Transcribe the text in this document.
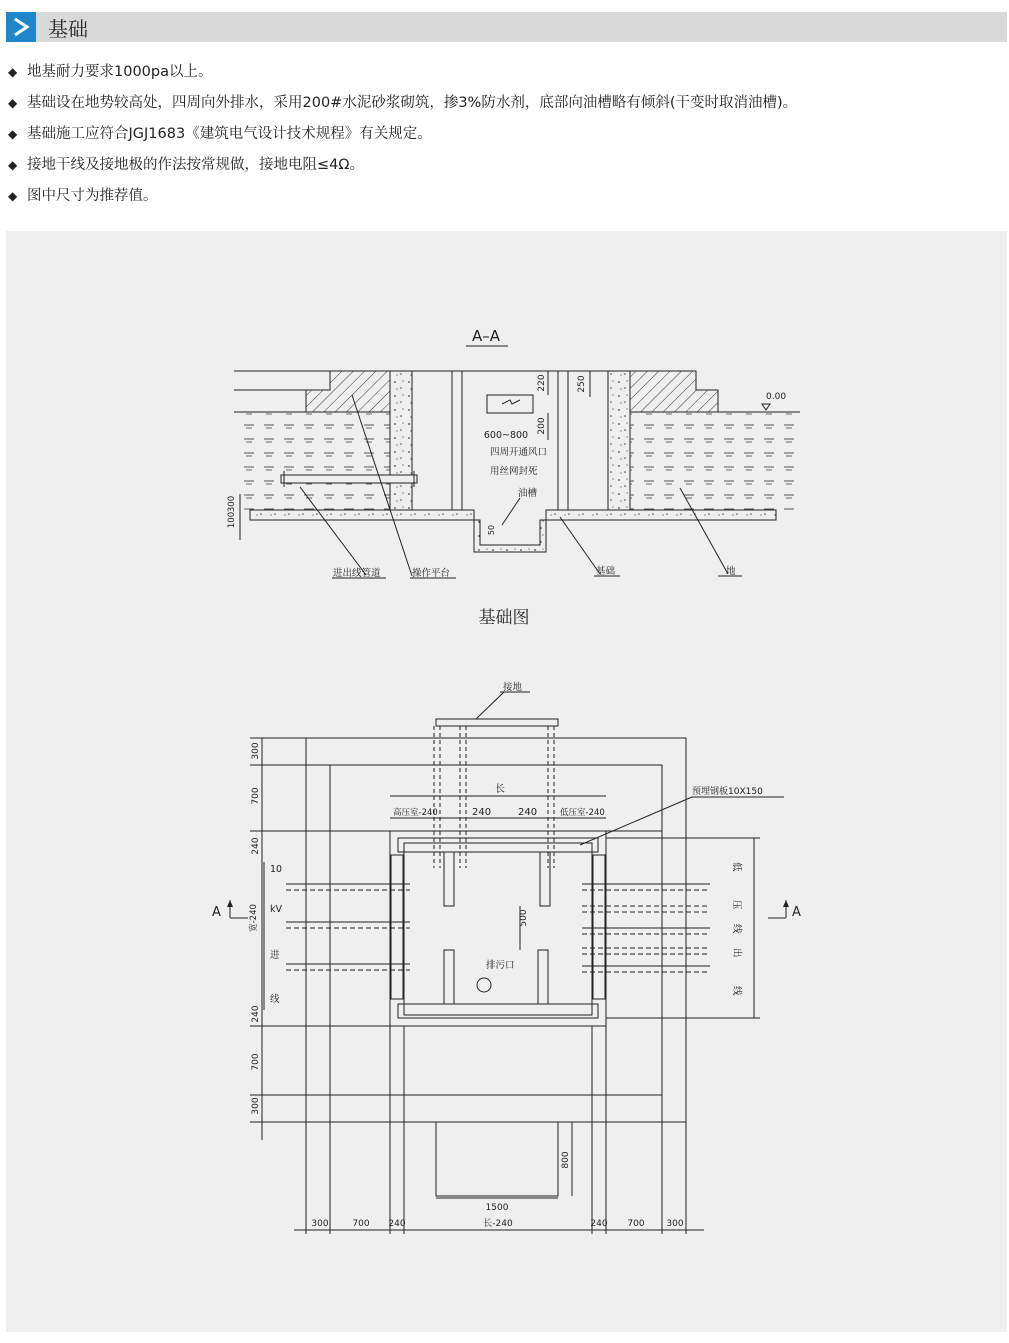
基础
◆ 地基耐力要求1000pa以上。
◆ 基础设在地势较高处，四周向外排水，采用200#水泥砂浆砌筑，掺3%防水剂，底部向油槽略有倾斜(干变时取消油槽)。
◆ 基础施工应符合JGJ1683《建筑电气设计技术规程》有关规定。
◆ 接地干线及接地极的作法按常规做，接地电阻≤4Ω。
◆ 图中尺寸为推荐值。
A–A
220
200
250
600~800
四周开通风口
用丝网封死
油槽
0.00
50
300
100
进出线管道	操作平台	基础	地
基础图
接地
500
排污口
长
高压室-240	240	240	低压室-240
预埋钢板10X150
10
kV
进
线
宽-240
低
压
线
出
线
A	A
300
700
240
240
700
300
1500
800
300	700 240	长-240	240 700 300
